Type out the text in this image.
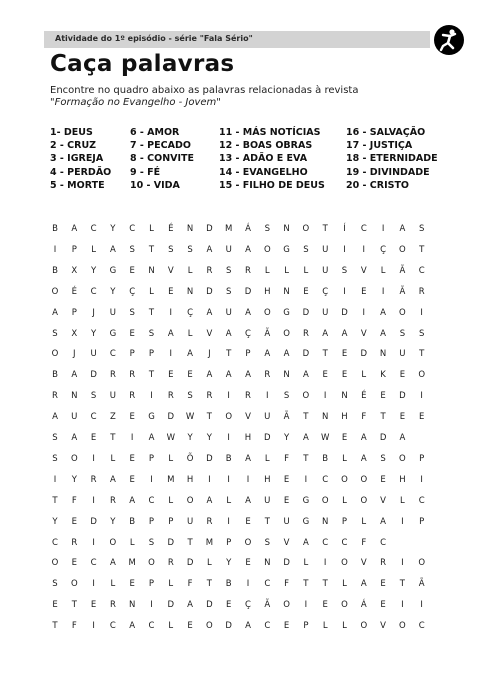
Atividade do 1º episódio - série "Fala Sério"
Caça palavras
Encontre no quadro abaixo as palavras relacionadas à revista
"Formação no Evangelho - Jovem"
1- DEUS
2 - CRUZ
3 - IGREJA
4 - PERDÃO
5 - MORTE
6 - AMOR
7 - PECADO
8 - CONVITE
9 - FÉ
10 - VIDA
11 - MÁS NOTÍCIAS
12 - BOAS OBRAS
13 - ADÃO E EVA
14 - EVANGELHO
15 - FILHO DE DEUS
16 - SALVAÇÃO
17 - JUSTIÇA
18 - ETERNIDADE
19 - DIVINDADE
20 - CRISTO
B	A	C	Y	C	L	É	N	D	M	Á	S	N	O	T	Í	C	I	A	S
I	P	L	A	S	T	S	S	A	U	A	O	G	S	U	I	I	Ç	O	T
B	X	Y	G	E	N	V	L	R	S	R	L	L	L	U	S	V	L	Ã	C
O	É	C	Y	Ç	L	E	N	D	S	D	H	N	E	Ç	I	E	I	Ã	R
A	P	J	U	S	T	I	Ç	A	U	A	O	G	D	U	D	I	A	O	I
S	X	Y	G	E	S	A	L	V	A	Ç	Ã	O	R	A	A	V	A	S	S
O	J	U	C	P	P	I	A	J	T	P	A	A	D	T	E	D	N	U	T
B	A	D	R	R	T	E	E	A	A	A	R	N	A	E	E	L	K	E	O
R	N	S	U	R	I	R	S	R	I	R	I	S	O	I	N	É	E	D	I
A	U	C	Z	E	G	D	W	T	O	V	U	Ã	T	N	H	F	T	E	E
S	A	E	T	I	A	W	Y	Y	I	H	D	Y	A	W	E	A	D	A
S	O	I	L	E	P	L	Õ	D	B	A	L	F	T	B	L	A	S	O	P
I	Y	R	A	E	I	M	H	I	I	I	H	E	I	C	O	O	E	H	I
T	F	I	R	A	C	L	O	A	L	A	U	E	G	O	L	O	V	L	C
Y	E	D	Y	B	P	P	U	R	I	E	T	U	G	N	P	L	A	I	P
C	R	I	O	L	S	D	T	M	P	O	S	V	A	C	C	F	C
O	E	C	A	M	O	R	D	L	Y	E	N	D	L	I	O	V	R	I	O
S	O	I	L	E	P	L	F	T	B	I	C	F	T	T	L	A	E	T	Ã
E	T	E	R	N	I	D	A	D	E	Ç	Ã	O	I	E	O	Á	E	I	I
T	F	I	C	A	C	L	E	O	D	A	C	E	P	L	L	O	V	O	C
